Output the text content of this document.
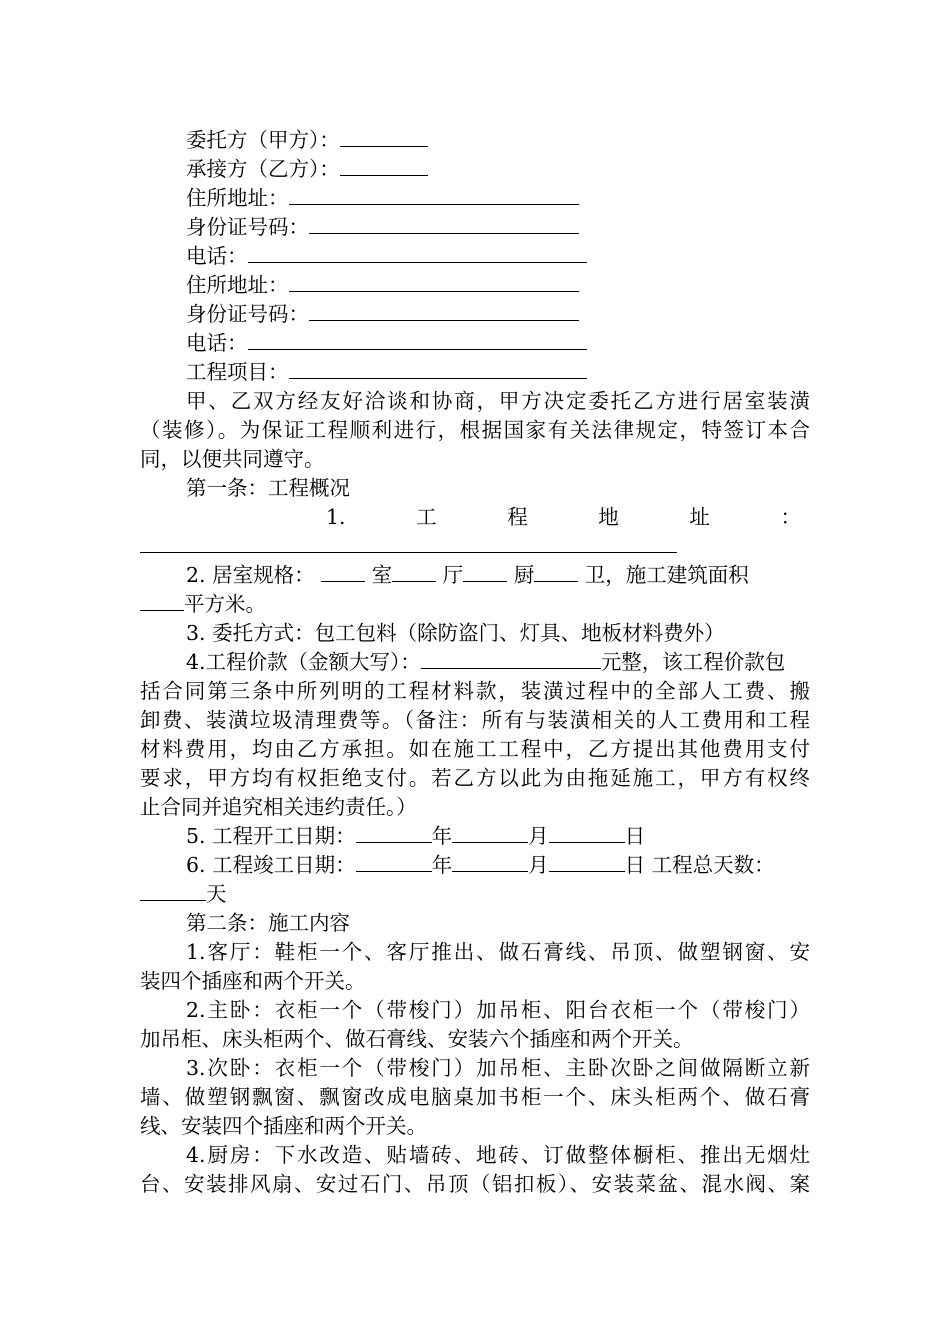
委托方（甲方）：
承接方（乙方）：
住所地址：
身份证号码：
电话：
住所地址：
身份证号码：
电话：
工程项目：
甲、乙双方经友好洽谈和协商，甲方决定委托乙方进行居室装潢
（装修）。为保证工程顺利进行，根据国家有关法律规定，特签订本合
同，以便共同遵守。
第一条：工程概况
1.	工	程	地	址	：
2. 居室规格：	室 厅 厨 卫，施工建筑面积
平方米。
3. 委托方式：包工包料（除防盗门、灯具、地板材料费外）
4.工程价款（金额大写）：	元整，该工程价款包
括合同第三条中所列明的工程材料款，装潢过程中的全部人工费、搬
卸费、装潢垃圾清理费等。（备注：所有与装潢相关的人工费用和工程
材料费用，均由乙方承担。如在施工工程中，乙方提出其他费用支付
要求，甲方均有权拒绝支付。若乙方以此为由拖延施工，甲方有权终
止合同并追究相关违约责任。）
5. 工程开工日期：	年	月	日
6. 工程竣工日期：	年	月	日 工程总天数：
天
第二条：施工内容
1.客厅：鞋柜一个、客厅推出、做石膏线、吊顶、做塑钢窗、安
装四个插座和两个开关。
2.主卧：衣柜一个（带梭门）加吊柜、阳台衣柜一个（带梭门）
加吊柜、床头柜两个、做石膏线、安装六个插座和两个开关。
3.次卧：衣柜一个（带梭门）加吊柜、主卧次卧之间做隔断立新
墙、做塑钢飘窗、飘窗改成电脑桌加书柜一个、床头柜两个、做石膏
线、安装四个插座和两个开关。
4.厨房：下水改造、贴墙砖、地砖、订做整体橱柜、推出无烟灶
台、安装排风扇、安过石门、吊顶（铝扣板）、安装菜盆、混水阀、案
